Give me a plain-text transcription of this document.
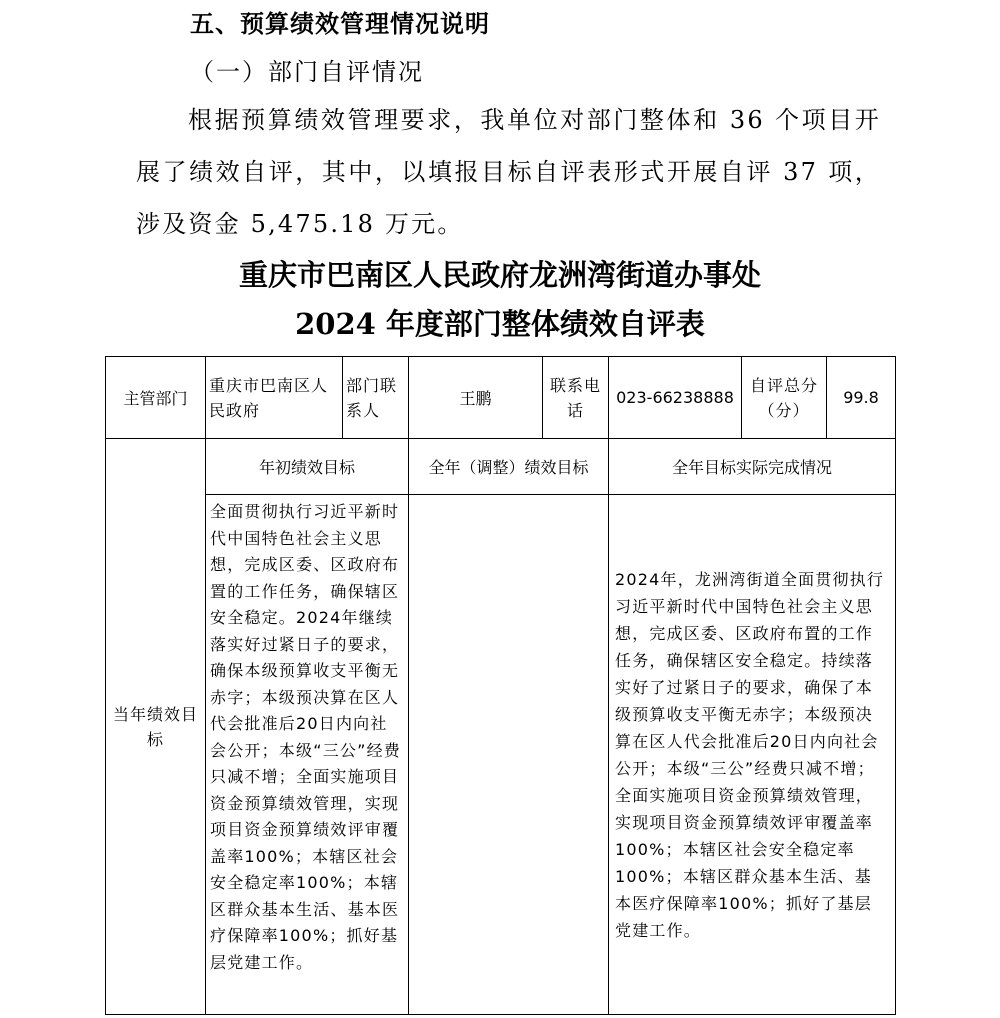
五、预算绩效管理情况说明
（一）部门自评情况
根据预算绩效管理要求，我单位对部门整体和 36 个项目开展了绩效自评，其中，以填报目标自评表形式开展自评 37 项，涉及资金 5,475.18 万元。
重庆市巴南区人民政府龙洲湾街道办事处
2024 年度部门整体绩效自评表
主管部门	重庆市巴南区人民政府	部门联系人	王鹏	联系电话	023-66238888	自评总分（分）	99.8
当年绩效目标	年初绩效目标		全年（调整）绩效目标		全年目标实际完成情况		
	全面贯彻执行习近平新时代中国特色社会主义思想，完成区委、区政府布置的工作任务，确保辖区安全稳定。2024年继续落实好过紧日子的要求，确保本级预算收支平衡无赤字；本级预决算在区人代会批准后20日内向社会公开；本级“三公”经费只减不增；全面实施项目资金预算绩效管理，实现项目资金预算绩效评审覆盖率100%；本辖区社会安全稳定率100%；本辖区群众基本生活、基本医疗保障率100%；抓好基层党建工作。				2024年，龙洲湾街道全面贯彻执行习近平新时代中国特色社会主义思想，完成区委、区政府布置的工作任务，确保辖区安全稳定。持续落实好了过紧日子的要求，确保了本级预算收支平衡无赤字；本级预决算在区人代会批准后20日内向社会公开；本级“三公”经费只减不增；全面实施项目资金预算绩效管理，实现项目资金预算绩效评审覆盖率100%；本辖区社会安全稳定率100%；本辖区群众基本生活、基本医疗保障率100%；抓好了基层党建工作。		
